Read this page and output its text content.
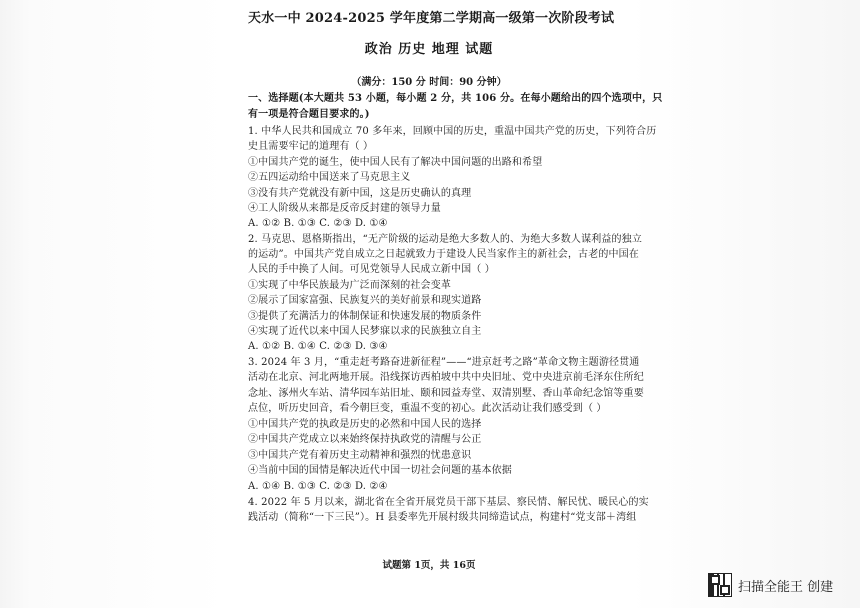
天水一中 2024-2025 学年度第二学期高一级第一次阶段考试
政治 历史 地理 试题
（满分：150 分 时间：90 分钟）
一、选择题(本大题共 53 小题，每小题 2 分，共 106 分。在每小题给出的四个选项中，只
有一项是符合题目要求的。)
1. 中华人民共和国成立 70 多年来，回顾中国的历史，重温中国共产党的历史，下列符合历
史且需要牢记的道理有（ ）
①中国共产党的诞生，使中国人民有了解决中国问题的出路和希望
②五四运动给中国送来了马克思主义
③没有共产党就没有新中国，这是历史确认的真理
④工人阶级从来都是反帝反封建的领导力量
A. ①② B. ①③ C. ②③ D. ①④
2. 马克思、恩格斯指出，“无产阶级的运动是绝大多数人的、为绝大多数人谋利益的独立
的运动”。中国共产党自成立之日起就致力于建设人民当家作主的新社会，古老的中国在
人民的手中换了人间。可见党领导人民成立新中国（ ）
①实现了中华民族最为广泛而深刻的社会变革
②展示了国家富强、民族复兴的美好前景和现实道路
③提供了充满活力的体制保证和快速发展的物质条件
④实现了近代以来中国人民梦寐以求的民族独立自主
A. ①② B. ①④ C. ②③ D. ③④
3. 2024 年 3 月，“重走赶考路奋进新征程”——“进京赶考之路”革命文物主题游径贯通
活动在北京、河北两地开展。沿线探访西柏坡中共中央旧址、党中央进京前毛泽东住所纪
念址、涿州火车站、清华园车站旧址、颐和园益寿堂、双清别墅、香山革命纪念馆等重要
点位，听历史回音，看今朝巨变，重温不变的初心。此次活动让我们感受到（ ）
①中国共产党的执政是历史的必然和中国人民的选择
②中国共产党成立以来始终保持执政党的清醒与公正
③中国共产党有着历史主动精神和强烈的忧患意识
④当前中国的国情是解决近代中国一切社会问题的基本依据
A. ①④ B. ①③ C. ②③ D. ②④
4. 2022 年 5 月以来，湖北省在全省开展党员干部下基层、察民情、解民忧、暖民心的实
践活动（简称“一下三民”）。H 县委率先开展村级共同缔造试点，构建村“党支部＋湾组
试题第 1页，共 16页
扫描全能王 创建
